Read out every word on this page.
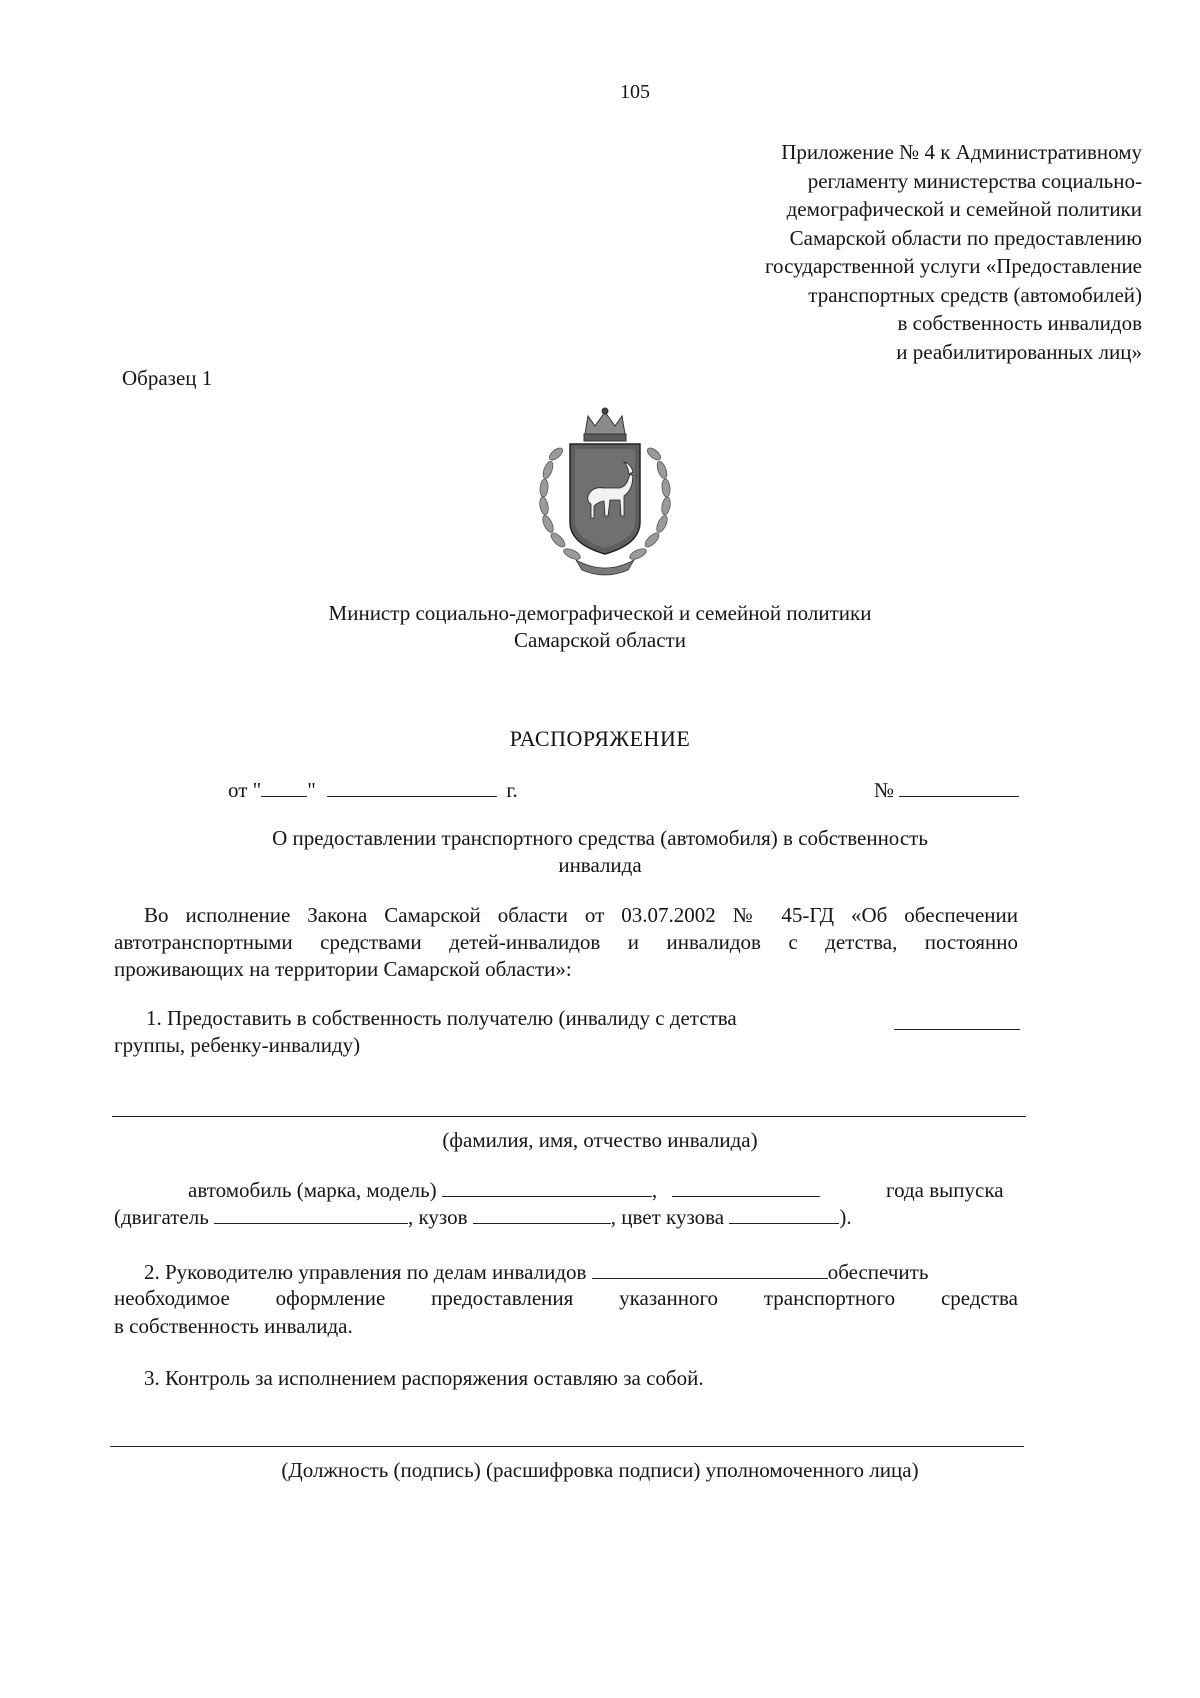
105
Приложение № 4 к Административному
регламенту министерства социально-
демографической и семейной политики
Самарской области по предоставлению
государственной услуги «Предоставление
транспортных средств (автомобилей)
в собственность инвалидов
и реабилитированных лиц»
Образец 1
Министр социально-демографической и семейной политики
Самарской области
РАСПОРЯЖЕНИЕ
от " "	г.	№
О предоставлении транспортного средства (автомобиля) в собственность
инвалида
Во исполнение Закона Самарской области от 03.07.2002 № 45-ГД «Об обеспечении
автотранспортными средствами детей-инвалидов и инвалидов с детства, постоянно
проживающих на территории Самарской области»:
1. Предоставить в собственность получателю (инвалиду с детства
группы, ребенку-инвалиду)
(фамилия, имя, отчество инвалида)
автомобиль (марка, модель)	,	года выпуска
(двигатель	, кузов	, цвет кузова	).
2. Руководителю управления по делам инвалидов	обеспечить
необходимое оформление предоставления указанного транспортного средства
в собственность инвалида.
3. Контроль за исполнением распоряжения оставляю за собой.
(Должность (подпись) (расшифровка подписи) уполномоченного лица)
